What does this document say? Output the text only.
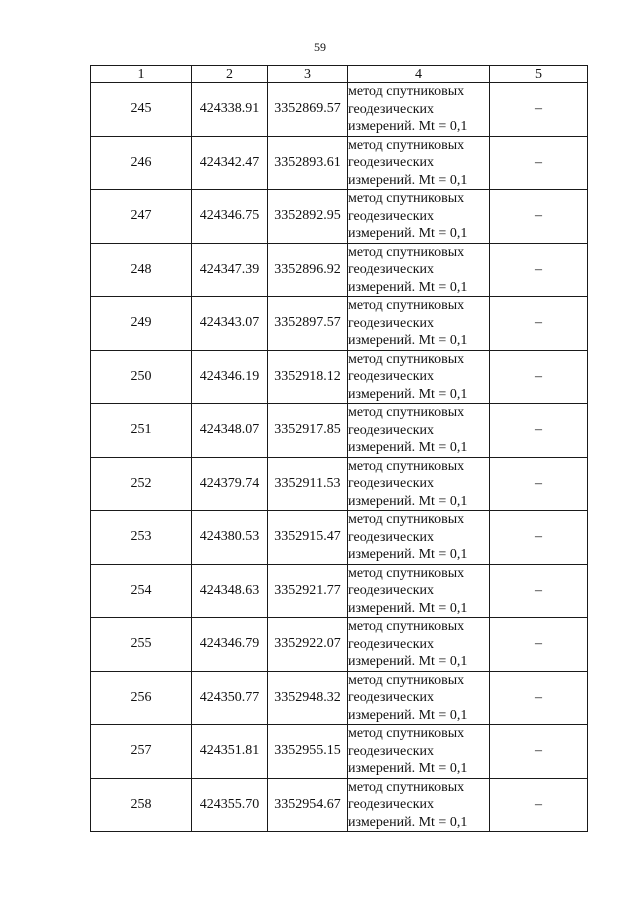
59
1	2	3	4	5
245	424338.91	3352869.57	метод спутниковых
геодезических
измерений. Mt = 0,1	–
246	424342.47	3352893.61	метод спутниковых
геодезических
измерений. Mt = 0,1	–
247	424346.75	3352892.95	метод спутниковых
геодезических
измерений. Mt = 0,1	–
248	424347.39	3352896.92	метод спутниковых
геодезических
измерений. Mt = 0,1	–
249	424343.07	3352897.57	метод спутниковых
геодезических
измерений. Mt = 0,1	–
250	424346.19	3352918.12	метод спутниковых
геодезических
измерений. Mt = 0,1	–
251	424348.07	3352917.85	метод спутниковых
геодезических
измерений. Mt = 0,1	–
252	424379.74	3352911.53	метод спутниковых
геодезических
измерений. Mt = 0,1	–
253	424380.53	3352915.47	метод спутниковых
геодезических
измерений. Mt = 0,1	–
254	424348.63	3352921.77	метод спутниковых
геодезических
измерений. Mt = 0,1	–
255	424346.79	3352922.07	метод спутниковых
геодезических
измерений. Mt = 0,1	–
256	424350.77	3352948.32	метод спутниковых
геодезических
измерений. Mt = 0,1	–
257	424351.81	3352955.15	метод спутниковых
геодезических
измерений. Mt = 0,1	–
258	424355.70	3352954.67	метод спутниковых
геодезических
измерений. Mt = 0,1	–
